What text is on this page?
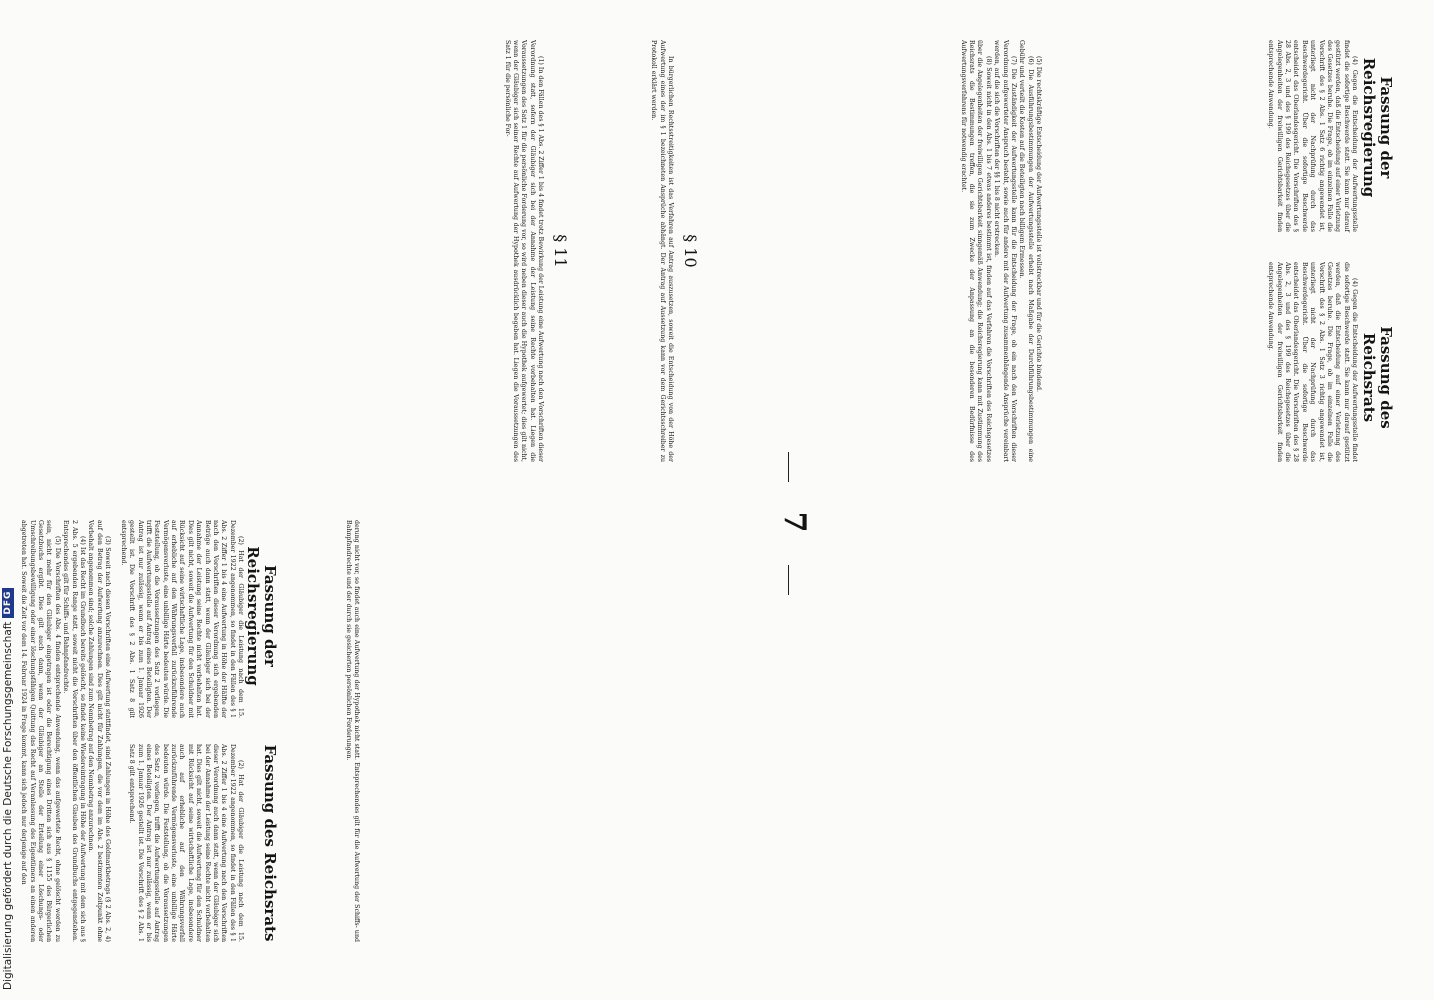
Fassung der Reichsregierung

(4) Gegen die Entscheidung der Aufwertungsstelle findet die sofortige Beschwerde statt. Sie kann nur darauf gestützt werden, daß die Entscheidung auf einer Verletzung des Gesetzes beruhe. Die Frage, ob im einzelnen Falle die Vorschrift des § 2 Abs. 1 Satz 6 richtig angewendet ist, unterliegt nicht der Nachprüfung durch das Beschwerdegericht. Über die sofortige Beschwerde entscheidet das Oberlandesgericht. Die Vorschriften des § 28 Abs. 2, 3 und des § 199 des Reichsgesetzes über die Angelegenheiten der freiwilligen Gerichtsbarkeit finden entsprechende Anwendung.

Fassung des Reichsrats

(4) Gegen die Entscheidung der Aufwertungsstelle findet die sofortige Beschwerde statt. Sie kann nur darauf gestützt werden, daß die Entscheidung auf einer Verletzung des Gesetzes beruhe. Die Frage, ob im einzelnen Falle die Vorschrift des § 2 Abs. 1 Satz 3 richtig angewendet ist, unterliegt nicht der Nachprüfung durch das Beschwerdegericht. Über die sofortige Beschwerde entscheidet das Oberlandesgericht. Die Vorschriften des § 28 Abs. 2, 3 und des § 199 des Reichsgesetzes über die Angelegenheiten der freiwilligen Gerichtsbarkeit finden entsprechende Anwendung.

(5) Die rechtskräftige Entscheidung der Aufwertungsstelle ist vollstreckbar und für die Gerichte bindend.

(6) Die Ausführungsbestimmungen der Aufwertungsstelle erhebt nach Maßgabe der Durchführungsbestimmungen eine Gebühr und verteilt die Kosten auf die Beteiligten nach billigem Ermessen.

(7) Die Zuständigkeit der Aufwertungsstelle kann für die Entscheidung der Frage, ob ein nach den Vorschriften dieser Verordnung aufgewerteter Anspruch besteht, sowie auch für andere mit der Aufwertung zusammenhängende Ansprüche vereinbart werden, auf die sich die Vorschriften der §§ 1 bis 8 nicht erstrecken.

(8) Soweit nicht in den Abs. 1 bis 7 etwas anderes bestimmt ist, finden auf das Verfahren die Vorschriften des Reichsgesetzes über die Angelegenheiten der freiwilligen Gerichtsbarkeit sinngemäß Anwendung; die Reichsregierung kann mit Zustimmung des Reichsrats die Bestimmungen treffen, die sie zum Zwecke der Anpassung an die besonderen Bedürfnisse des Aufwertungsverfahrens für notwendig erachtet.

§ 10

In bürgerlichen Rechtsstreitigkeiten ist das Verfahren auf Antrag auszusetzen, soweit die Entscheidung von der Höhe der Aufwertung eines der im § 1 bezeichneten Ansprüche abhängt. Der Antrag auf Aussetzung kann vor dem Gerichtsschreiber zu Protokoll erklärt werden.

§ 11

(1) In den Fällen des § 1 Abs. 2 Ziffer 1 bis 4 findet trotz Bewirkung der Leistung eine Aufwertung nach den Vorschriften dieser Verordnung statt, sofern der Gläubiger sich bei der Annahme der Leistung seine Rechte vorbehalten hat. Liegen die Voraussetzungen des Satz 1 für die persönliche Forderung vor, so wird neben dieser auch die Hypothek aufgewertet; dies gilt nicht, wenn der Gläubiger sich seiner Rechte auf Aufwertung der Hypothek ausdrücklich begeben hat. Liegen die Voraussetzungen des Satz 1 für die persönliche For-

7

derung nicht vor, so findet auch eine Aufwertung der Hypothek nicht statt. Entsprechendes gilt für die Aufwertung der Schiffs- und Bahnpfandrechte und der durch sie gesicherten persönlichen Forderungen.

Fassung der Reichsregierung

(2) Hat der Gläubiger die Leistung nach dem 15. Dezember 1922 angenommen, so findet in den Fällen des § 1 Abs. 2 Ziffer 1 bis 4 eine Aufwertung in Höhe der Hälfte der nach den Vorschriften dieser Verordnung sich ergebenden Beträge auch dann statt, wenn der Gläubiger sich bei der Annahme der Leistung seine Rechte nicht vorbehalten hat. Dies gilt nicht, soweit die Aufwertung für den Schuldner mit Rücksicht auf seine wirtschaftliche Lage, insbesondere auch auf erhebliche auf den Währungsverfall zurückzuführende Vermögensverluste, eine unbillige Härte bedeuten würde. Die Feststellung, ob die Voraussetzungen des Satz 2 vorliegen, trifft die Aufwertungsstelle auf Antrag eines Beteiligten. Der Antrag ist nur zulässig, wenn er bis zum 1. Januar 1926 gestellt ist. Die Vorschrift des § 2 Abs. 1 Satz 8 gilt entsprechend.

Fassung des Reichsrats

(2) Hat der Gläubiger die Leistung nach dem 15. Dezember 1922 angenommen, so findet in den Fällen des § 1 Abs. 2 Ziffer 1 bis 4 eine Aufwertung nach den Vorschriften dieser Verordnung auch dann statt, wenn der Gläubiger sich bei der Annahme der Leistung seine Rechte nicht vorbehalten hat. Dies gilt nicht, soweit die Aufwertung für den Schuldner mit Rücksicht auf seine wirtschaftliche Lage, insbesondere auch auf erhebliche auf den Währungsverfall zurückzuführende Vermögensverluste, eine unbillige Härte bedeuten würde. Die Feststellung, ob die Voraussetzungen des Satz 2 vorliegen, trifft die Aufwertungsstelle auf Antrag eines Beteiligten. Der Antrag ist nur zulässig, wenn er bis zum 1. Januar 1926 gestellt ist. Die Vorschrift des § 2 Abs. 1 Satz 8 gilt entsprechend.

(3) Soweit nach diesen Vorschriften eine Aufwertung stattfindet, sind Zahlungen in Höhe des Goldmarkbetrags (§ 2 Abs. 2, 4) auf den Betrag der Aufwertung anzurechnen. Dies gilt nicht für Zahlungen, die vor dem im Abs. 2 bestimmten Zeitpunkt ohne Vorbehalt angenommen sind; solche Zahlungen sind zum Nennbetrag auf den Nennbetrag anzurechnen.

(4) Ist das Recht im Grundbuch bereits gelöscht, so findet keine Wiedereintragung in Höhe der Aufwertung mit dem sich aus § 2 Abs. 5 ergebenden Range statt, soweit nicht die Vorschriften über den öffentlichen Glauben des Grundbuchs entgegenstehen. Entsprechendes gilt für Schiffs- und Bahnpfandrechte.

(5) Die Vorschriften des Abs. 4 finden entsprechende Anwendung, wenn das aufgewertete Recht, ohne gelöscht worden zu sein, nicht mehr für den Gläubiger eingetragen ist oder die Berechtigung eines Dritten sich aus § 1155 des Bürgerlichen Gesetzbuchs ergibt. Dies gilt auch dann, wenn der Gläubiger an Stelle der Erteilung einer Löschungs- oder Umschreibungsbewilligung oder einer löschungsfähigen Quittung das Recht auf Veranlassung des Eigentümers an einen anderen abgetreten hat. Soweit die Zeit vor dem 14. Februar 1924 in Frage kommt, kann sich jedoch nur derjenige auf den

Digitalisierung gefördert durch die Deutsche Forschungsgemeinschaft
DFG
